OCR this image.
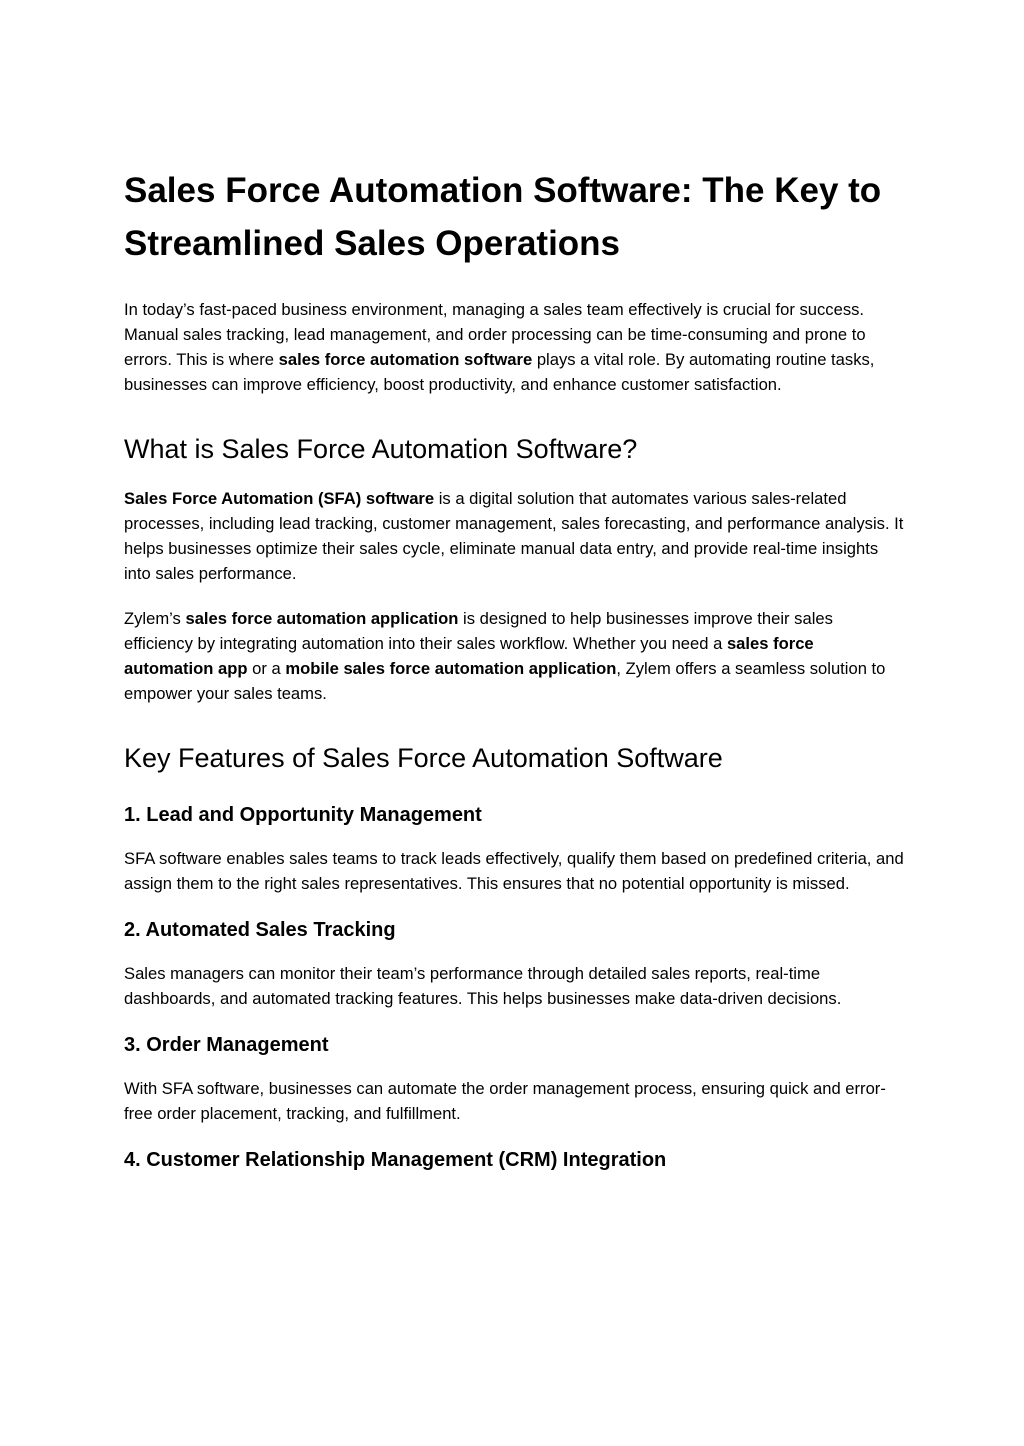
Sales Force Automation Software: The Key to Streamlined Sales Operations

In today’s fast-paced business environment, managing a sales team effectively is crucial for success. Manual sales tracking, lead management, and order processing can be time-consuming and prone to errors. This is where sales force automation software plays a vital role. By automating routine tasks, businesses can improve efficiency, boost productivity, and enhance customer satisfaction.

What is Sales Force Automation Software?

Sales Force Automation (SFA) software is a digital solution that automates various sales-related processes, including lead tracking, customer management, sales forecasting, and performance analysis. It helps businesses optimize their sales cycle, eliminate manual data entry, and provide real-time insights into sales performance.

Zylem’s sales force automation application is designed to help businesses improve their sales efficiency by integrating automation into their sales workflow. Whether you need a sales force automation app or a mobile sales force automation application, Zylem offers a seamless solution to empower your sales teams.

Key Features of Sales Force Automation Software
1. Lead and Opportunity Management

SFA software enables sales teams to track leads effectively, qualify them based on predefined criteria, and assign them to the right sales representatives. This ensures that no potential opportunity is missed.

2. Automated Sales Tracking

Sales managers can monitor their team’s performance through detailed sales reports, real-time dashboards, and automated tracking features. This helps businesses make data-driven decisions.

3. Order Management

With SFA software, businesses can automate the order management process, ensuring quick and error-free order placement, tracking, and fulfillment.

4. Customer Relationship Management (CRM) Integration
